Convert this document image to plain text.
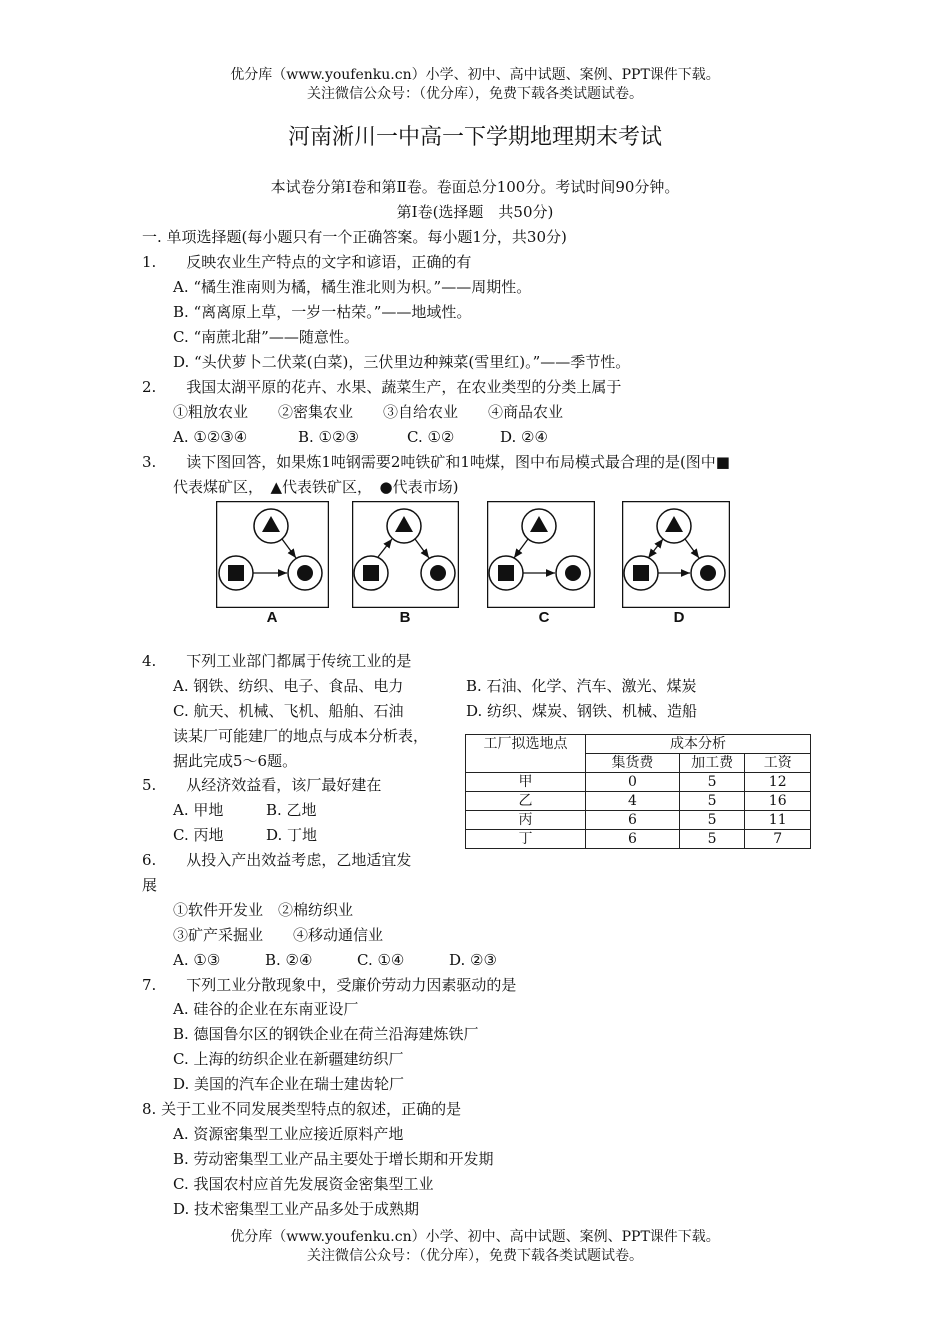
优分库（www.youfenku.cn）小学、初中、高中试题、案例、PPT课件下载。
关注微信公众号：（优分库），免费下载各类试题试卷。
河南淅川一中高一下学期地理期末考试
本试卷分第Ⅰ卷和第Ⅱ卷。卷面总分100分。考试时间90分钟。
第Ⅰ卷(选择题　共50分)
一. 单项选择题(每小题只有一个正确答案。每小题1分，共30分)
1.　　反映农业生产特点的文字和谚语，正确的有
A. “橘生淮南则为橘，橘生淮北则为枳。”——周期性。
B. “离离原上草，一岁一枯荣。”——地域性。
C. “南蔗北甜”——随意性。
D. “头伏萝卜二伏菜(白菜)，三伏里边种辣菜(雪里红)。”——季节性。
2.　　我国太湖平原的花卉、水果、蔬菜生产，在农业类型的分类上属于
①粗放农业　　②密集农业　　③自给农业　　④商品农业
A. ①②③④	B. ①②③	C. ①②	D. ②④
3.　　读下图回答，如果炼1吨钢需要2吨铁矿和1吨煤，图中布局模式最合理的是(图中■
代表煤矿区，　▲代表铁矿区，　●代表市场)
A	B	C	D
4.　　下列工业部门都属于传统工业的是
A. 钢铁、纺织、电子、食品、电力	B. 石油、化学、汽车、激光、煤炭
C. 航天、机械、飞机、船舶、石油	D. 纺织、煤炭、钢铁、机械、造船
读某厂可能建厂的地点与成本分析表，
据此完成5～6题。
工厂拟选地点	成本分析		
	集货费	加工费	工资
甲	0	5	12
乙	4	5	16
丙	6	5	11
丁	6	5	7
5.　　从经济效益看，该厂最好建在
A. 甲地	B. 乙地
C. 丙地	D. 丁地
6.　　从投入产出效益考虑，乙地适宜发
展
①软件开发业　②棉纺织业
③矿产采掘业　　④移动通信业
A. ①③	B. ②④	C. ①④	D. ②③
7.　　下列工业分散现象中，受廉价劳动力因素驱动的是
A. 硅谷的企业在东南亚设厂
B. 德国鲁尔区的钢铁企业在荷兰沿海建炼铁厂
C. 上海的纺织企业在新疆建纺织厂
D. 美国的汽车企业在瑞士建齿轮厂
8. 关于工业不同发展类型特点的叙述，正确的是
A. 资源密集型工业应接近原料产地
B. 劳动密集型工业产品主要处于增长期和开发期
C. 我国农村应首先发展资金密集型工业
D. 技术密集型工业产品多处于成熟期
优分库（www.youfenku.cn）小学、初中、高中试题、案例、PPT课件下载。
关注微信公众号：（优分库），免费下载各类试题试卷。
